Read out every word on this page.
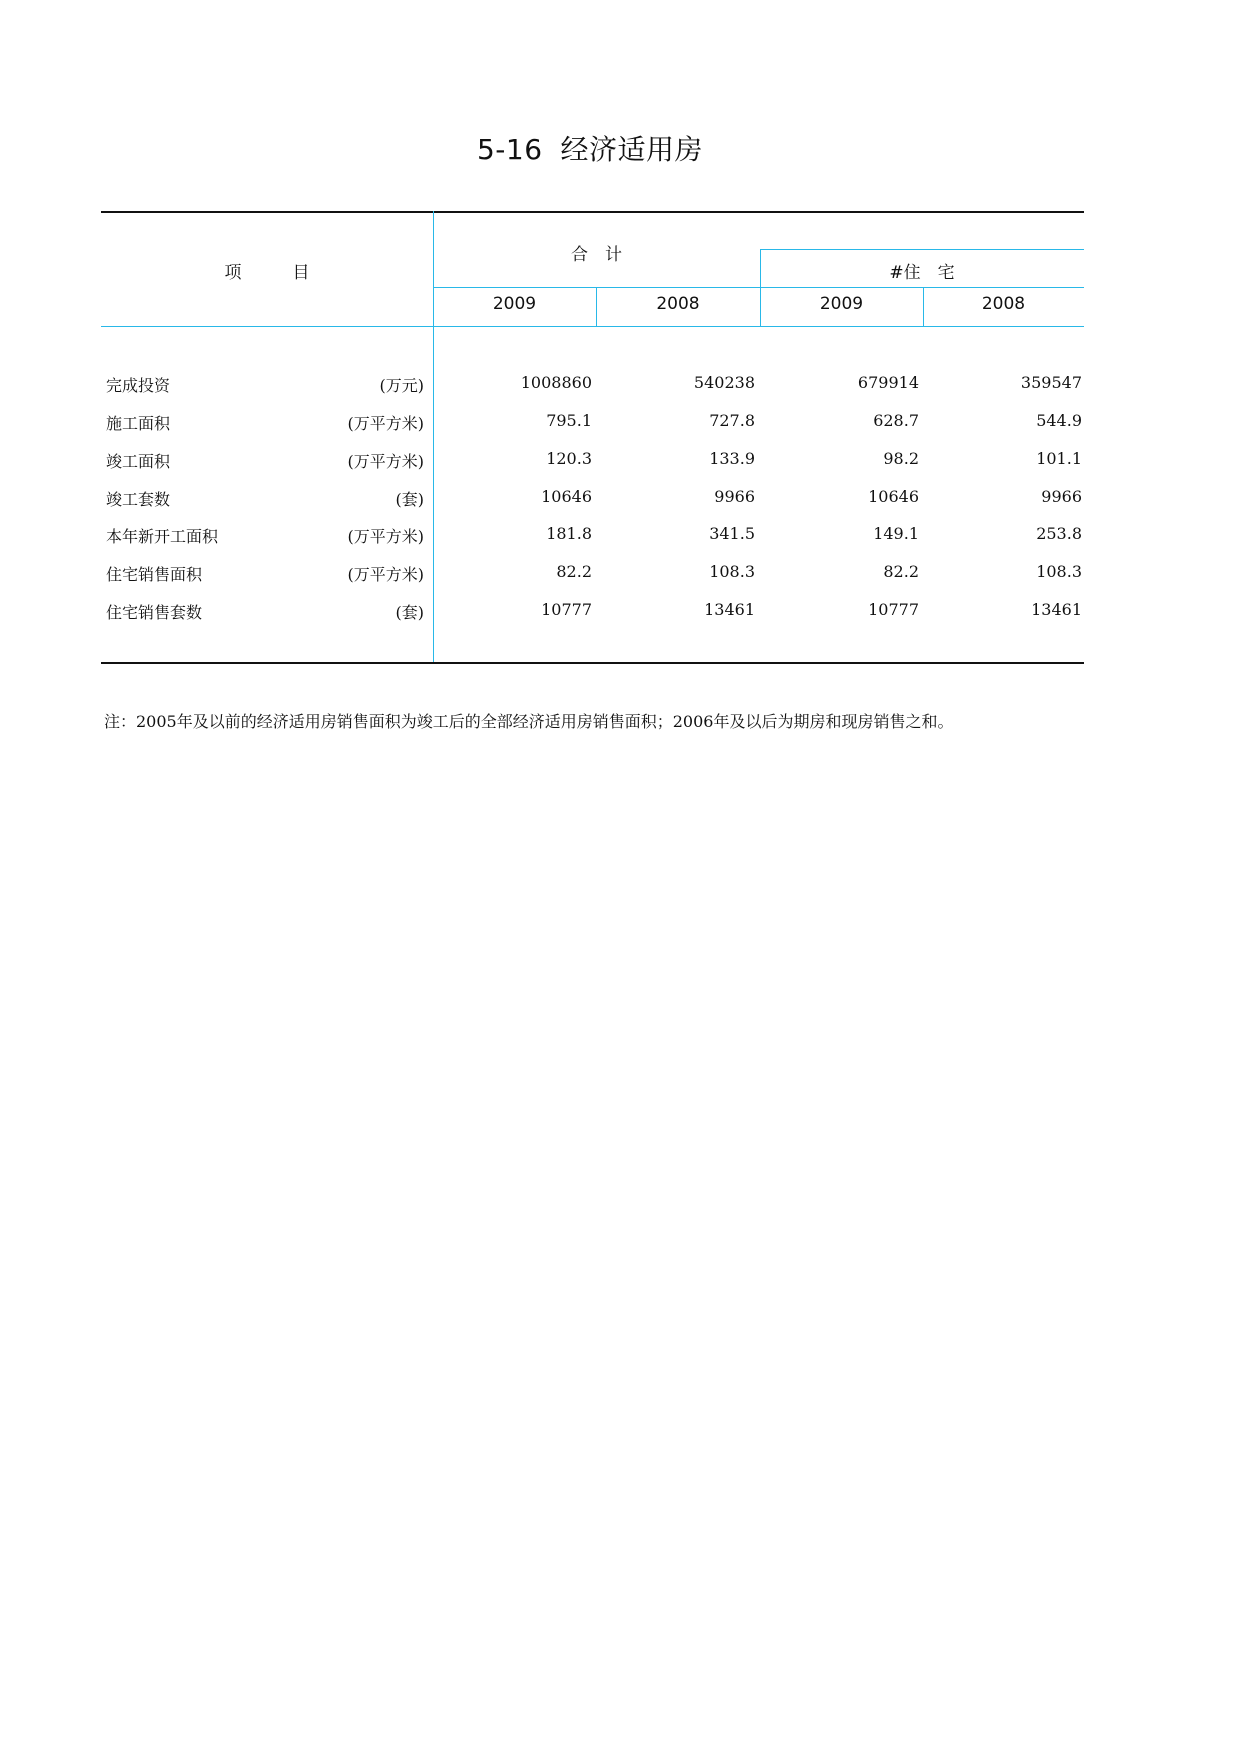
5-16 经济适用房
项　　　目
合　计
#住　宅
2009	2008	2009	2008
完成投资	(万元)	1008860	540238	679914	359547
施工面积	(万平方米)	795.1	727.8	628.7	544.9
竣工面积	(万平方米)	120.3	133.9	98.2	101.1
竣工套数	(套)	10646	9966	10646	9966
本年新开工面积	(万平方米)	181.8	341.5	149.1	253.8
住宅销售面积	(万平方米)	82.2	108.3	82.2	108.3
住宅销售套数	(套)	10777	13461	10777	13461
注：2005年及以前的经济适用房销售面积为竣工后的全部经济适用房销售面积；2006年及以后为期房和现房销售之和。
